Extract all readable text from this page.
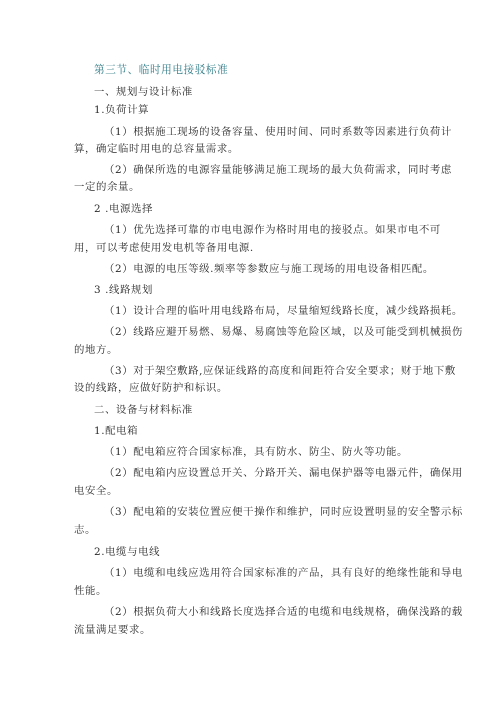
第三节、临时用电接驳标准
一、规划与设计标准
1.负荷计算
（1）根据施工现场的设备容量、使用时间、同时系数等因素进行负荷计
算，确定临时用电的总容量需求。
（2）确保所选的电源容量能够满足施工现场的最大负荷需求，同时考虑
一定的余量。
2 .电源选择
（1）优先选择可靠的市电电源作为格时用电的接驳点。如果市电不可
用，可以考虑使用发电机等备用电源.
（2）电源的电压等级.频率等参数应与施工现场的用电设备相匹配。
3 .线路规划
（1）设计合理的临叶用电线路布局，尽量缩短线路长度，减少线路损耗。
（2）线路应避开易燃、易爆、易腐蚀等危险区域，以及可能受到机械损伤
的地方。
（3）对于架空敷路,应保证线路的高度和间距符合安全要求；财于地下敷
设的线路，应做好防护和标识。
二、设备与材料标准
1.配电箱
（1）配电箱应符合国家标准，具有防水、防尘、防火等功能。
（2）配电箱内应设置总开关、分路开关、漏电保护器等电器元件，确保用
电安全。
（3）配电箱的安装位置应便干操作和维护，同时应设置明显的安全警示标
志。
2.电缆与电线
（1）电缆和电线应选用符合国家标准的产品，具有良好的绝缘性能和导电
性能。
（2）根据负荷大小和线路长度选择合适的电缆和电线规格，确保浅路的载
流量满足要求。
